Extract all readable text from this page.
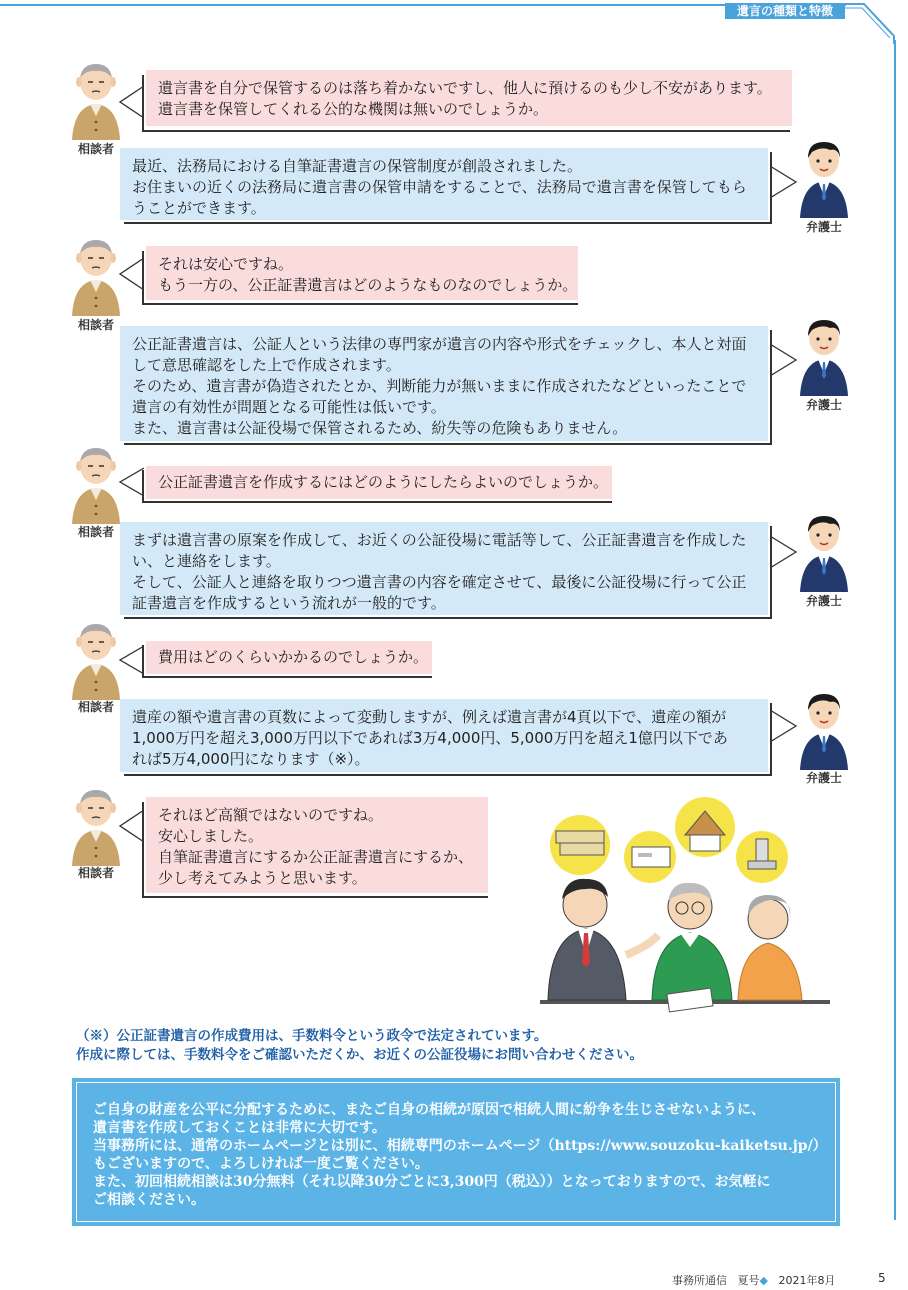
遺言の種類と特徴
相談者
遺言書を自分で保管するのは落ち着かないですし、他人に預けるのも少し不安があります。
遺言書を保管してくれる公的な機関は無いのでしょうか。
最近、法務局における自筆証書遺言の保管制度が創設されました。
お住まいの近くの法務局に遺言書の保管申請をすることで、法務局で遺言書を保管してもら
うことができます。
弁護士
相談者
それは安心ですね。
もう一方の、公正証書遺言はどのようなものなのでしょうか。
公正証書遺言は、公証人という法律の専門家が遺言の内容や形式をチェックし、本人と対面
して意思確認をした上で作成されます。
そのため、遺言書が偽造されたとか、判断能力が無いままに作成されたなどといったことで
遺言の有効性が問題となる可能性は低いです。
また、遺言書は公証役場で保管されるため、紛失等の危険もありません。
弁護士
相談者
公正証書遺言を作成するにはどのようにしたらよいのでしょうか。
まずは遺言書の原案を作成して、お近くの公証役場に電話等して、公正証書遺言を作成した
い、と連絡をします。
そして、公証人と連絡を取りつつ遺言書の内容を確定させて、最後に公証役場に行って公正
証書遺言を作成するという流れが一般的です。	弁護士
相談者
費用はどのくらいかかるのでしょうか。
遺産の額や遺言書の頁数によって変動しますが、例えば遺言書が4頁以下で、遺産の額が
1,000万円を超え3,000万円以下であれば3万4,000円、5,000万円を超え1億円以下であ
れば5万4,000円になります（※）。
弁護士
相談者
それほど高額ではないのですね。
安心しました。
自筆証書遺言にするか公正証書遺言にするか、
少し考えてみようと思います。
（※）公正証書遺言の作成費用は、手数料令という政令で法定されています。
作成に際しては、手数料令をご確認いただくか、お近くの公証役場にお問い合わせください。
ご自身の財産を公平に分配するために、またご自身の相続が原因で相続人間に紛争を生じさせないように、
遺言書を作成しておくことは非常に大切です。
当事務所には、通常のホームページとは別に、相続専門のホームページ（https://www.souzoku-kaiketsu.jp/）
もございますので、よろしければ一度ご覧ください。
また、初回相続相談は30分無料（それ以降30分ごとに3,300円（税込））となっておりますので、お気軽に
ご相談ください。
事務所通信 夏号◆ 2021年8月	5
